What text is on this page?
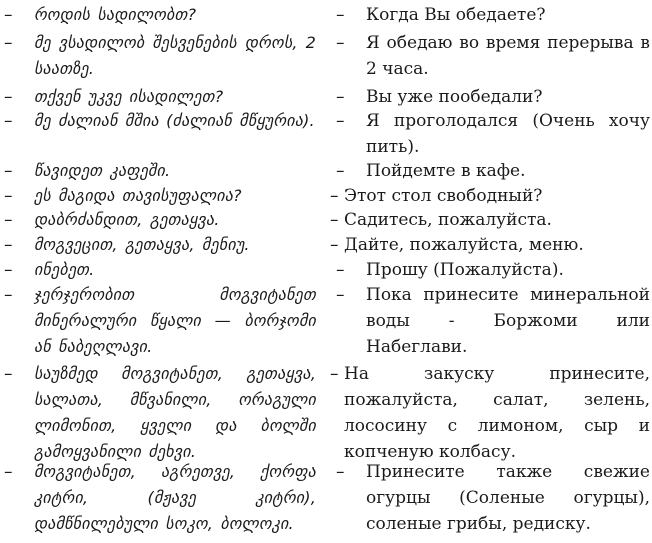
– როდის სადილობთ?
– მე ვსადილობ შესვენების დროს, 2 საათზე.
– თქვენ უკვე ისადილეთ?
– მე ძალიან მშია (ძალიან მწყურია).
– წავიდეთ კაფეში.
– ეს მაგიდა თავისუფალია?
– დაბრძანდით, გეთაყვა.
– მოგვეცით, გეთაყვა, მენიუ.
– ინებეთ.
– ჯერჯერობით მოგვიტანეთ მინერალური წყალი — ბორჯომი ან ნაბეღლავი.
– საუზმედ მოგვიტანეთ, გეთაყვა, სალათა, მწვანილი, ორაგული ლიმონით, ყველი და ბოლში გამოყვანილი ძეხვი.
– მოგვიტანეთ, აგრეთვე, ქორფა კიტრი, (მჟავე კიტრი), დამწნილებული სოკო, ბოლოკი.
– Когда Вы обедаете?
– Я обедаю во время перерыва в 2 часа.
– Вы уже пообедали?
– Я проголодался (Очень хочу пить).
– Пойдемте в кафе.
– Этот стол свободный?
– Садитесь, пожалуйста.
– Дайте, пожалуйста, меню.
– Прошу (Пожалуйста).
– Пока принесите минеральной воды - Боржоми или Набеглави.
– На закуску принесите, пожалуйста, салат, зелень, лососину с лимоном, сыр и копченую колбасу.
– Принесите также свежие огурцы (Соленые огурцы), соленые грибы, редиску.
